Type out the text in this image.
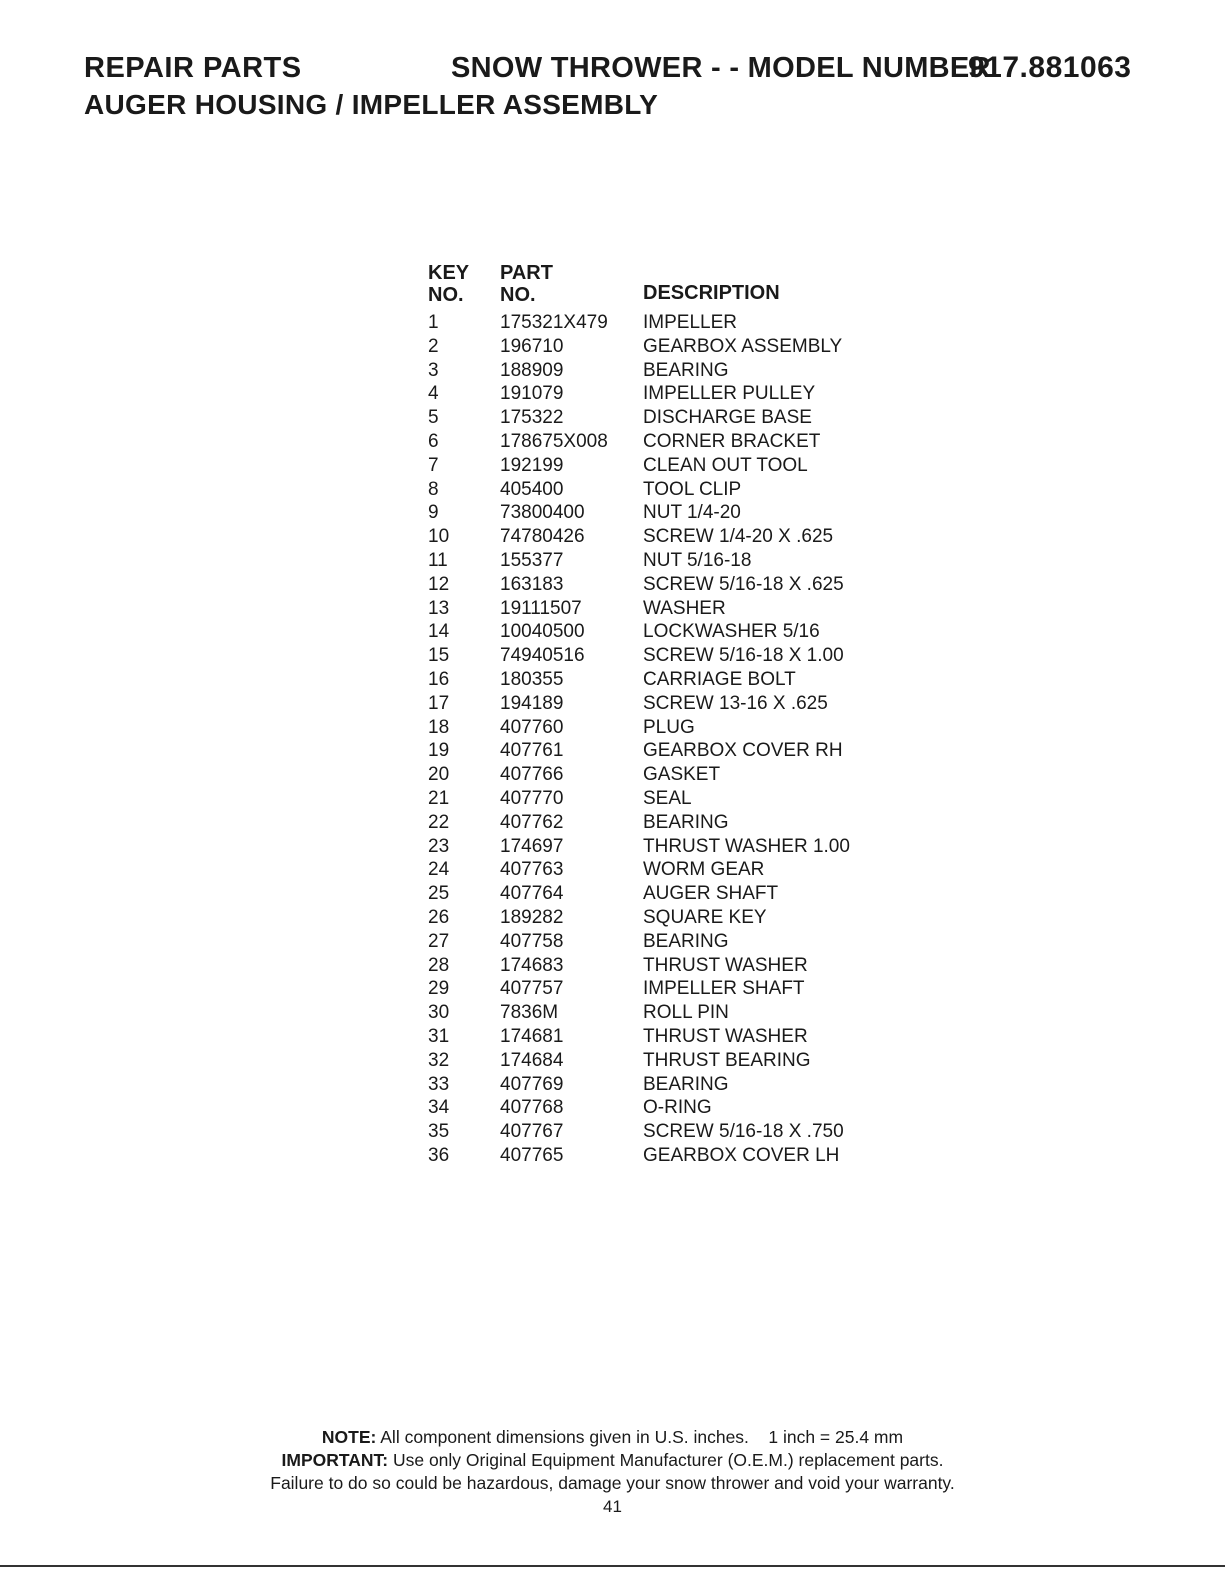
REPAIR PARTS	SNOW THROWER - - MODEL NUMBER
917.881063
AUGER HOUSING / IMPELLER ASSEMBLY
KEY
NO.
PART
NO.	DESCRIPTION
1	175321X479 IMPELLER
2	196710	GEARBOX ASSEMBLY
3	188909	BEARING
4	191079	IMPELLER PULLEY
5	175322	DISCHARGE BASE
6	178675X008 CORNER BRACKET
7	192199	CLEAN OUT TOOL
8	405400	TOOL CLIP
9	73800400	NUT 1/4-20
10	74780426	SCREW 1/4-20 X .625
11	155377	NUT 5/16-18
12	163183	SCREW 5/16-18 X .625
13	19111507	WASHER
14	10040500	LOCKWASHER 5/16
15	74940516	SCREW 5/16-18 X 1.00
16	180355	CARRIAGE BOLT
17	194189	SCREW 13-16 X .625
18	407760	PLUG
19	407761	GEARBOX COVER RH
20	407766	GASKET
21	407770	SEAL
22	407762	BEARING
23	174697	THRUST WASHER 1.00
24	407763	WORM GEAR
25	407764	AUGER SHAFT
26	189282	SQUARE KEY
27	407758	BEARING
28	174683	THRUST WASHER
29	407757	IMPELLER SHAFT
30	7836M	ROLL PIN
31	174681	THRUST WASHER
32	174684	THRUST BEARING
33	407769	BEARING
34	407768	O-RING
35	407767	SCREW 5/16-18 X .750
36	407765	GEARBOX COVER LH
NOTE: All component dimensions given in U.S. inches.    1 inch = 25.4 mm
IMPORTANT: Use only Original Equipment Manufacturer (O.E.M.) replacement parts.
Failure to do so could be hazardous, damage your snow thrower and void your warranty.
41
